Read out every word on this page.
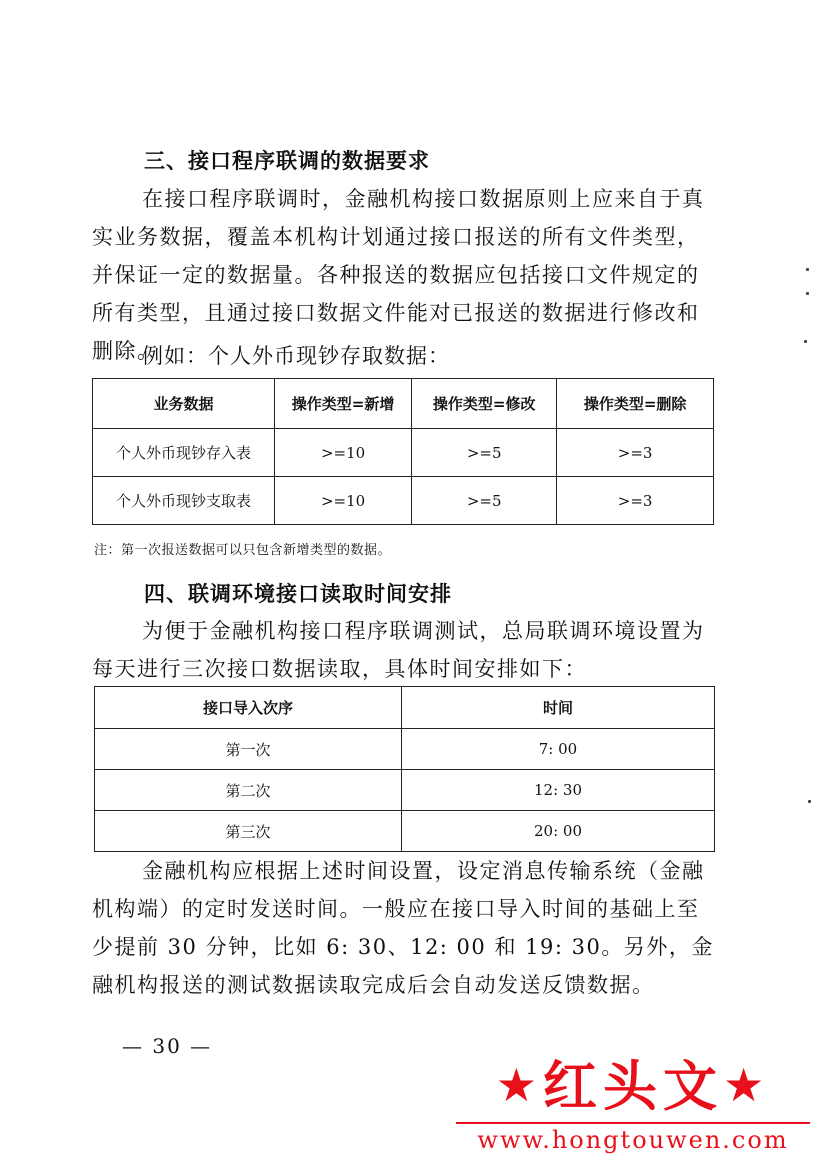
三、接口程序联调的数据要求

在接口程序联调时，金融机构接口数据原则上应来自于真实业务数据，覆盖本机构计划通过接口报送的所有文件类型，并保证一定的数据量。各种报送的数据应包括接口文件规定的所有类型，且通过接口数据文件能对已报送的数据进行修改和删除。

例如：个人外币现钞存取数据：
业务数据	操作类型=新增	操作类型=修改	操作类型=删除
个人外币现钞存入表	>=10	>=5	>=3
个人外币现钞支取表	>=10	>=5	>=3
注：第一次报送数据可以只包含新增类型的数据。
四、联调环境接口读取时间安排

为便于金融机构接口程序联调测试，总局联调环境设置为每天进行三次接口数据读取，具体时间安排如下：

接口导入次序	时间
第一次	7: 00
第二次	12: 30
第三次	20: 00

金融机构应根据上述时间设置，设定消息传输系统（金融机构端）的定时发送时间。一般应在接口导入时间的基础上至少提前 30 分钟，比如 6: 30、12: 00 和 19: 30。另外，金融机构报送的测试数据读取完成后会自动发送反馈数据。

— 30 —
★红头文★
www.hongtouwen.com
